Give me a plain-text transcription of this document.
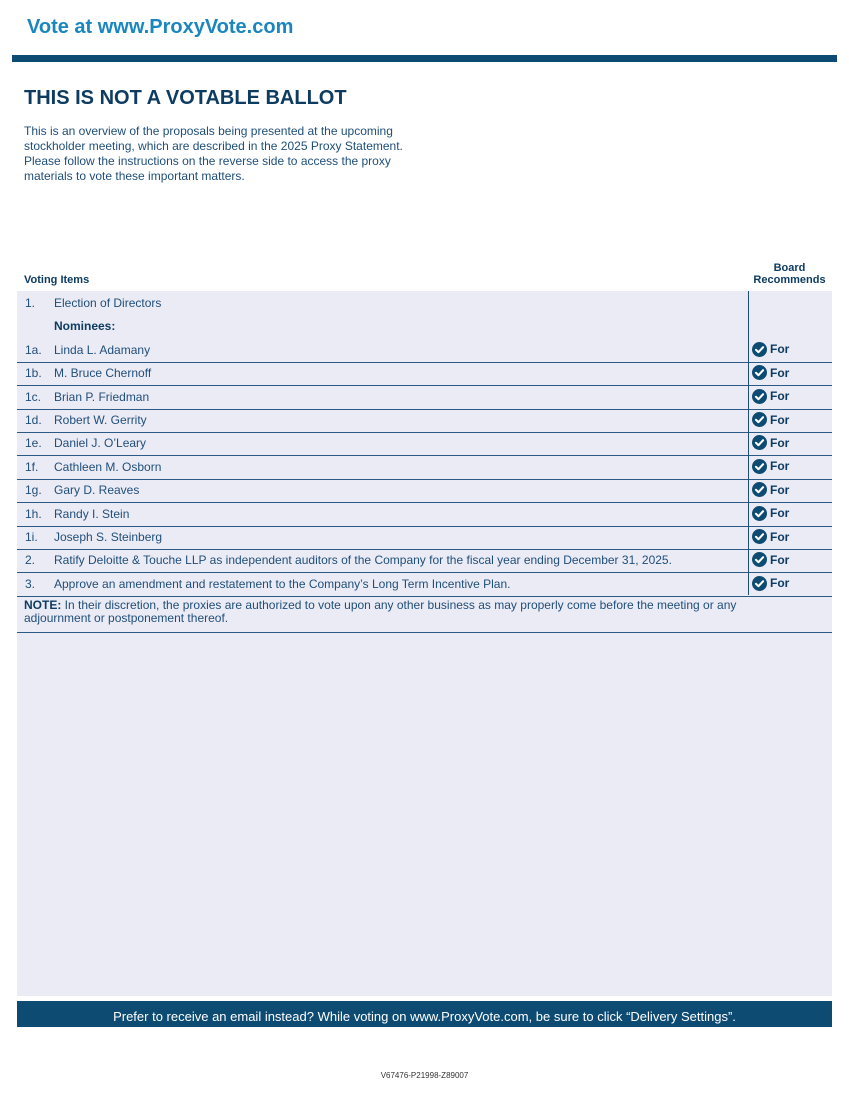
Vote at www.ProxyVote.com
THIS IS NOT A VOTABLE BALLOT
This is an overview of the proposals being presented at the upcoming stockholder meeting, which are described in the 2025 Proxy Statement. Please follow the instructions on the reverse side to access the proxy materials to vote these important matters.
Voting Items
Board
Recommends
1. Election of Directors
Nominees:
1a. Linda L. Adamany	For
1b. M. Bruce Chernoff	For
1c. Brian P. Friedman	For
1d. Robert W. Gerrity	For
1e. Daniel J. O’Leary	For
1f. Cathleen M. Osborn	For
1g. Gary D. Reaves	For
1h. Randy I. Stein	For
1i. Joseph S. Steinberg	For
2. Ratify Deloitte & Touche LLP as independent auditors of the Company for the fiscal year ending December 31, 2025.	For
3. Approve an amendment and restatement to the Company’s Long Term Incentive Plan.	For
NOTE: In their discretion, the proxies are authorized to vote upon any other business as may properly come before the meeting or any adjournment or postponement thereof.
Prefer to receive an email instead? While voting on www.ProxyVote.com, be sure to click “Delivery Settings”.
V67476-P21998-Z89007
